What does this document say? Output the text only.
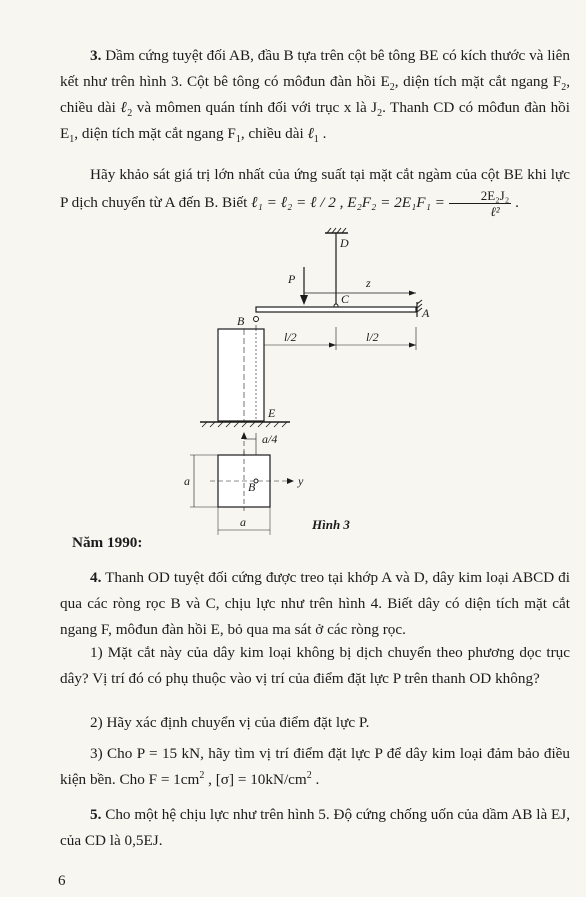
3. Dầm cứng tuyệt đối AB, đầu B tựa trên cột bê tông BE có kích thước và liên kết như trên hình 3. Cột bê tông có môđun đàn hồi $E_2$, diện tích mặt cắt ngang $F_2$, chiều dài ℓ$_2$ và mômen quán tính đối với trục x là $J_2$. Thanh CD có môđun đàn hồi $E_1$, diện tích mặt cắt ngang $F_1$, chiều dài ℓ$_1$ .

Hãy khảo sát giá trị lớn nhất của ứng suất tại mặt cắt ngàm của cột BE khi lực P dịch chuyển từ A đến B. Biết ℓ₁ = ℓ₂ = ℓ / 2 , $E_2F_2 = 2E_1F_1 = \frac{\text{2E₂J₂}}{\text{ℓ²}}$ .

D
P	z
C
A
B
l/2	l/2
E
a/4
y
B
a
a	Hình 3
Năm 1990:

4. Thanh OD tuyệt đối cứng được treo tại khớp A và D, dây kim loại ABCD đi qua các ròng rọc B và C, chịu lực như trên hình 4. Biết dây có diện tích mặt cắt ngang F, môđun đàn hồi E, bỏ qua ma sát ở các ròng rọc.

1) Mặt cắt này của dây kim loại không bị dịch chuyển theo phương dọc trục dây? Vị trí đó có phụ thuộc vào vị trí của điểm đặt lực P trên thanh OD không?

2) Hãy xác định chuyển vị của điểm đặt lực P.

3) Cho P = 15 kN, hãy tìm vị trí điểm đặt lực P để dây kim loại đảm bảo điều kiện bền. Cho $F = 1cm^2$ , $[\sigma] = 10kN/cm^2$ .

5. Cho một hệ chịu lực như trên hình 5. Độ cứng chống uốn của dầm AB là EJ, của CD là 0,5EJ.

6
